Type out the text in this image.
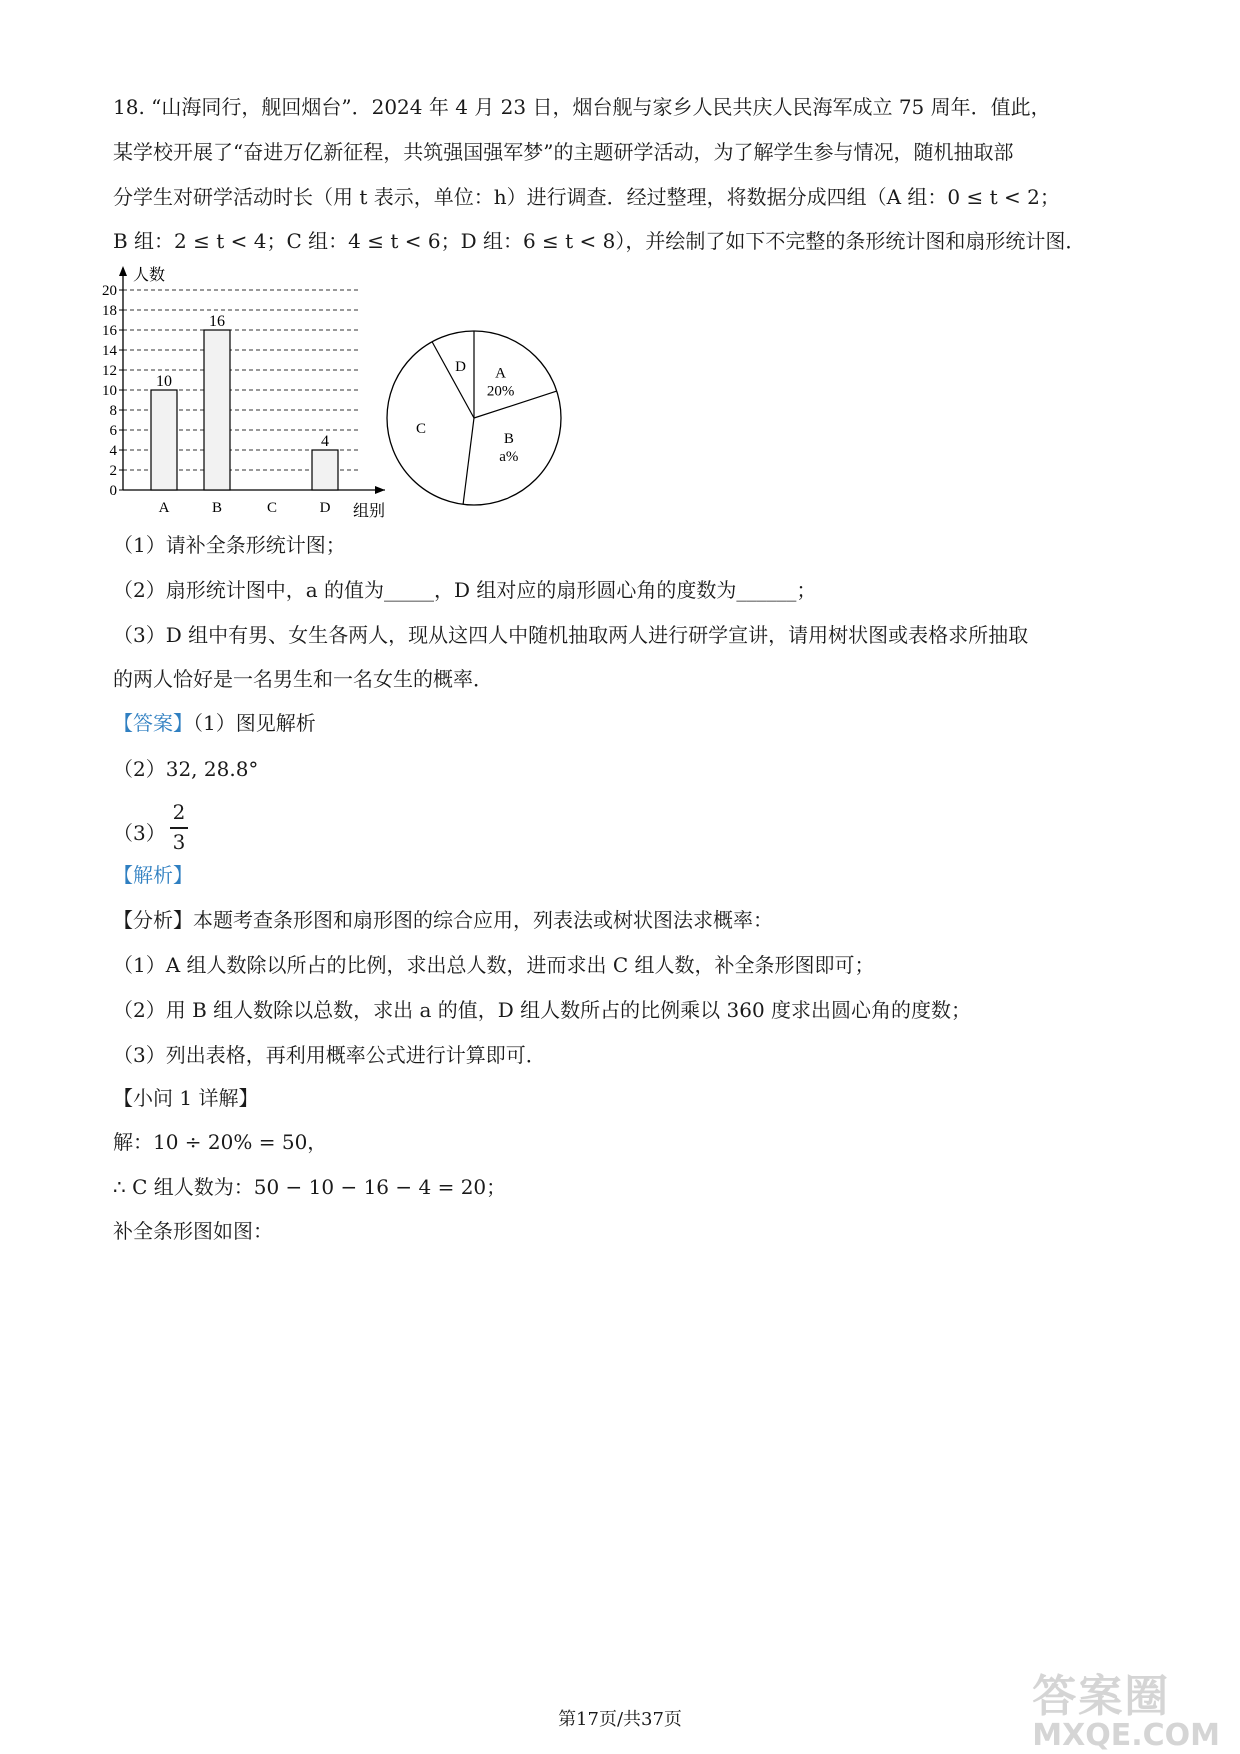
18. “山海同行，舰回烟台”．2024 年 4 月 23 日，烟台舰与家乡人民共庆人民海军成立 75 周年．值此，
某学校开展了“奋进万亿新征程，共筑强国强军梦”的主题研学活动，为了解学生参与情况，随机抽取部
分学生对研学活动时长（用 t 表示，单位：h）进行调查．经过整理，将数据分成四组（A 组：0 ≤ t < 2；
B 组：2 ≤ t < 4；C 组：4 ≤ t < 6；D 组：6 ≤ t < 8），并绘制了如下不完整的条形统计图和扇形统计图．
0
2
4
6
8
10
12
14
16
18
20
人数
组别
10
A
16
B	C
4
D
A
20%
B
a%
C
D
（1）请补全条形统计图；
（2）扇形统计图中，a 的值为_____，D 组对应的扇形圆心角的度数为______；
（3）D 组中有男、女生各两人，现从这四人中随机抽取两人进行研学宣讲，请用树状图或表格求所抽取
的两人恰好是一名男生和一名女生的概率．
【答案】（1）图见解析
（2）32, 28.8°
（3）
2
3
【解析】
【分析】本题考查条形图和扇形图的综合应用，列表法或树状图法求概率：
（1）A 组人数除以所占的比例，求出总人数，进而求出 C 组人数，补全条形图即可；
（2）用 B 组人数除以总数，求出 a 的值，D 组人数所占的比例乘以 360 度求出圆心角的度数；
（3）列出表格，再利用概率公式进行计算即可．
【小问 1 详解】
解：10 ÷ 20% = 50，
∴ C 组人数为：50 − 10 − 16 − 4 = 20；
补全条形图如图：
第17页/共37页	答案圈
MXQE.COM
